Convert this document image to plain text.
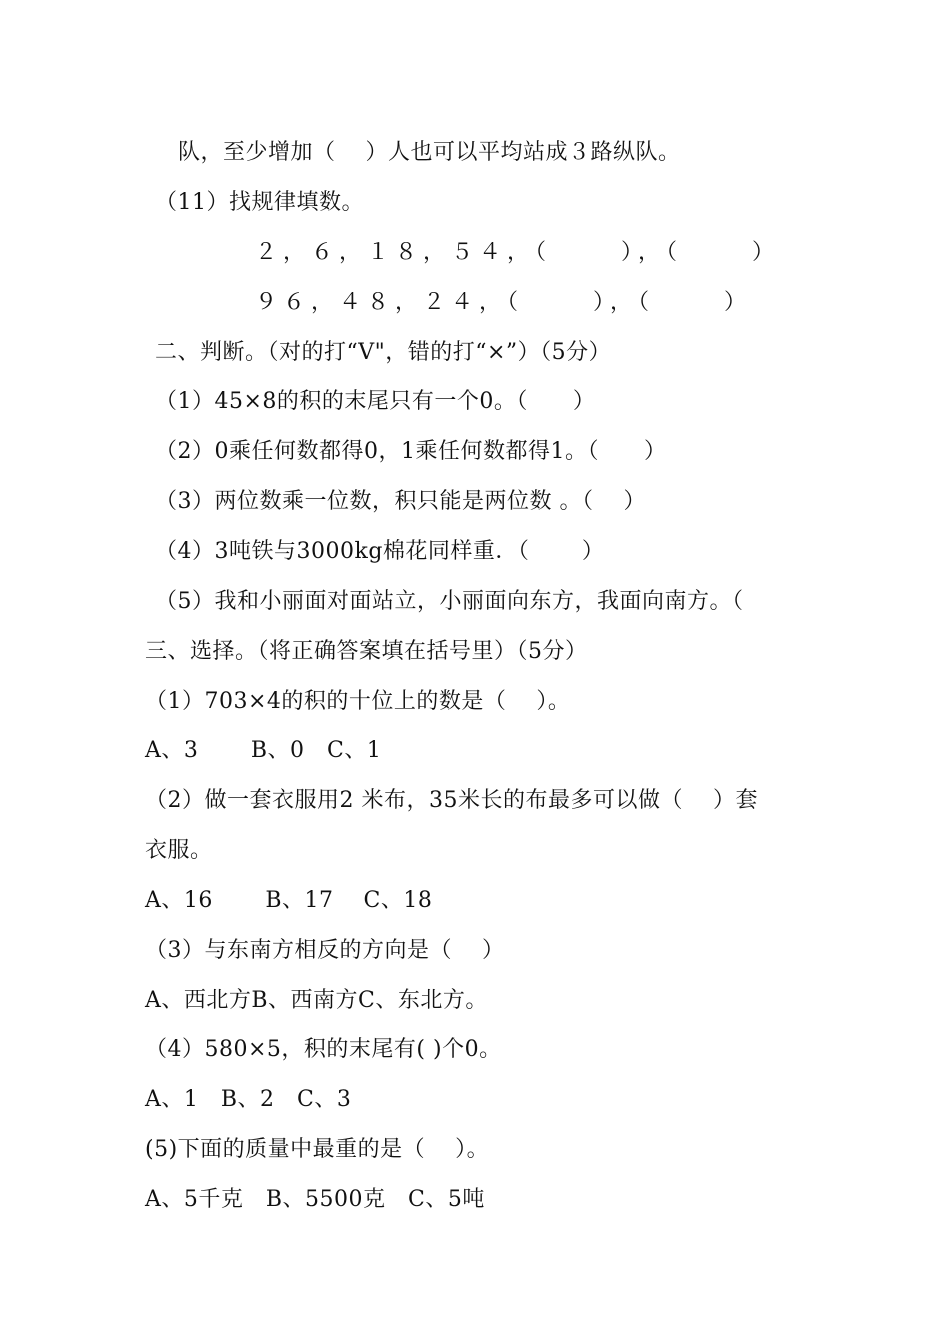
队，至少增加（　 ）人也可以平均站成３路纵队。
（11）找规律填数。
２，６，１８，５４，（　　 ），（　　 ）
９６，４８，２４，（　　 ），（　　 ）
二、判断。（对的打“V"，错的打“×”）（5分）
（1）45×8的积的末尾只有一个0。（　　）
（2）0乘任何数都得0，1乘任何数都得1。（　　）
（3）两位数乘一位数，积只能是两位数 。（　 ）
（4）3吨铁与3000kg棉花同样重．（　　 ）
（5）我和小丽面对面站立，小丽面向东方，我面向南方。（
三、选择。（将正确答案填在括号里）（5分）
（1）703×4的积的十位上的数是（　 ）。
A、3　　 B、0　C、1
（2）做一套衣服用2 米布，35米长的布最多可以做（　 ）套
衣服。
A、16　　 B、17　 C、18
（3）与东南方相反的方向是（　 ）
A、西北方B、西南方C、东北方。
（4）580×5，积的末尾有( )个0。
A、1　B、2　C、3
(5)下面的质量中最重的是（　 ）。
A、5千克　B、5500克　C、5吨
